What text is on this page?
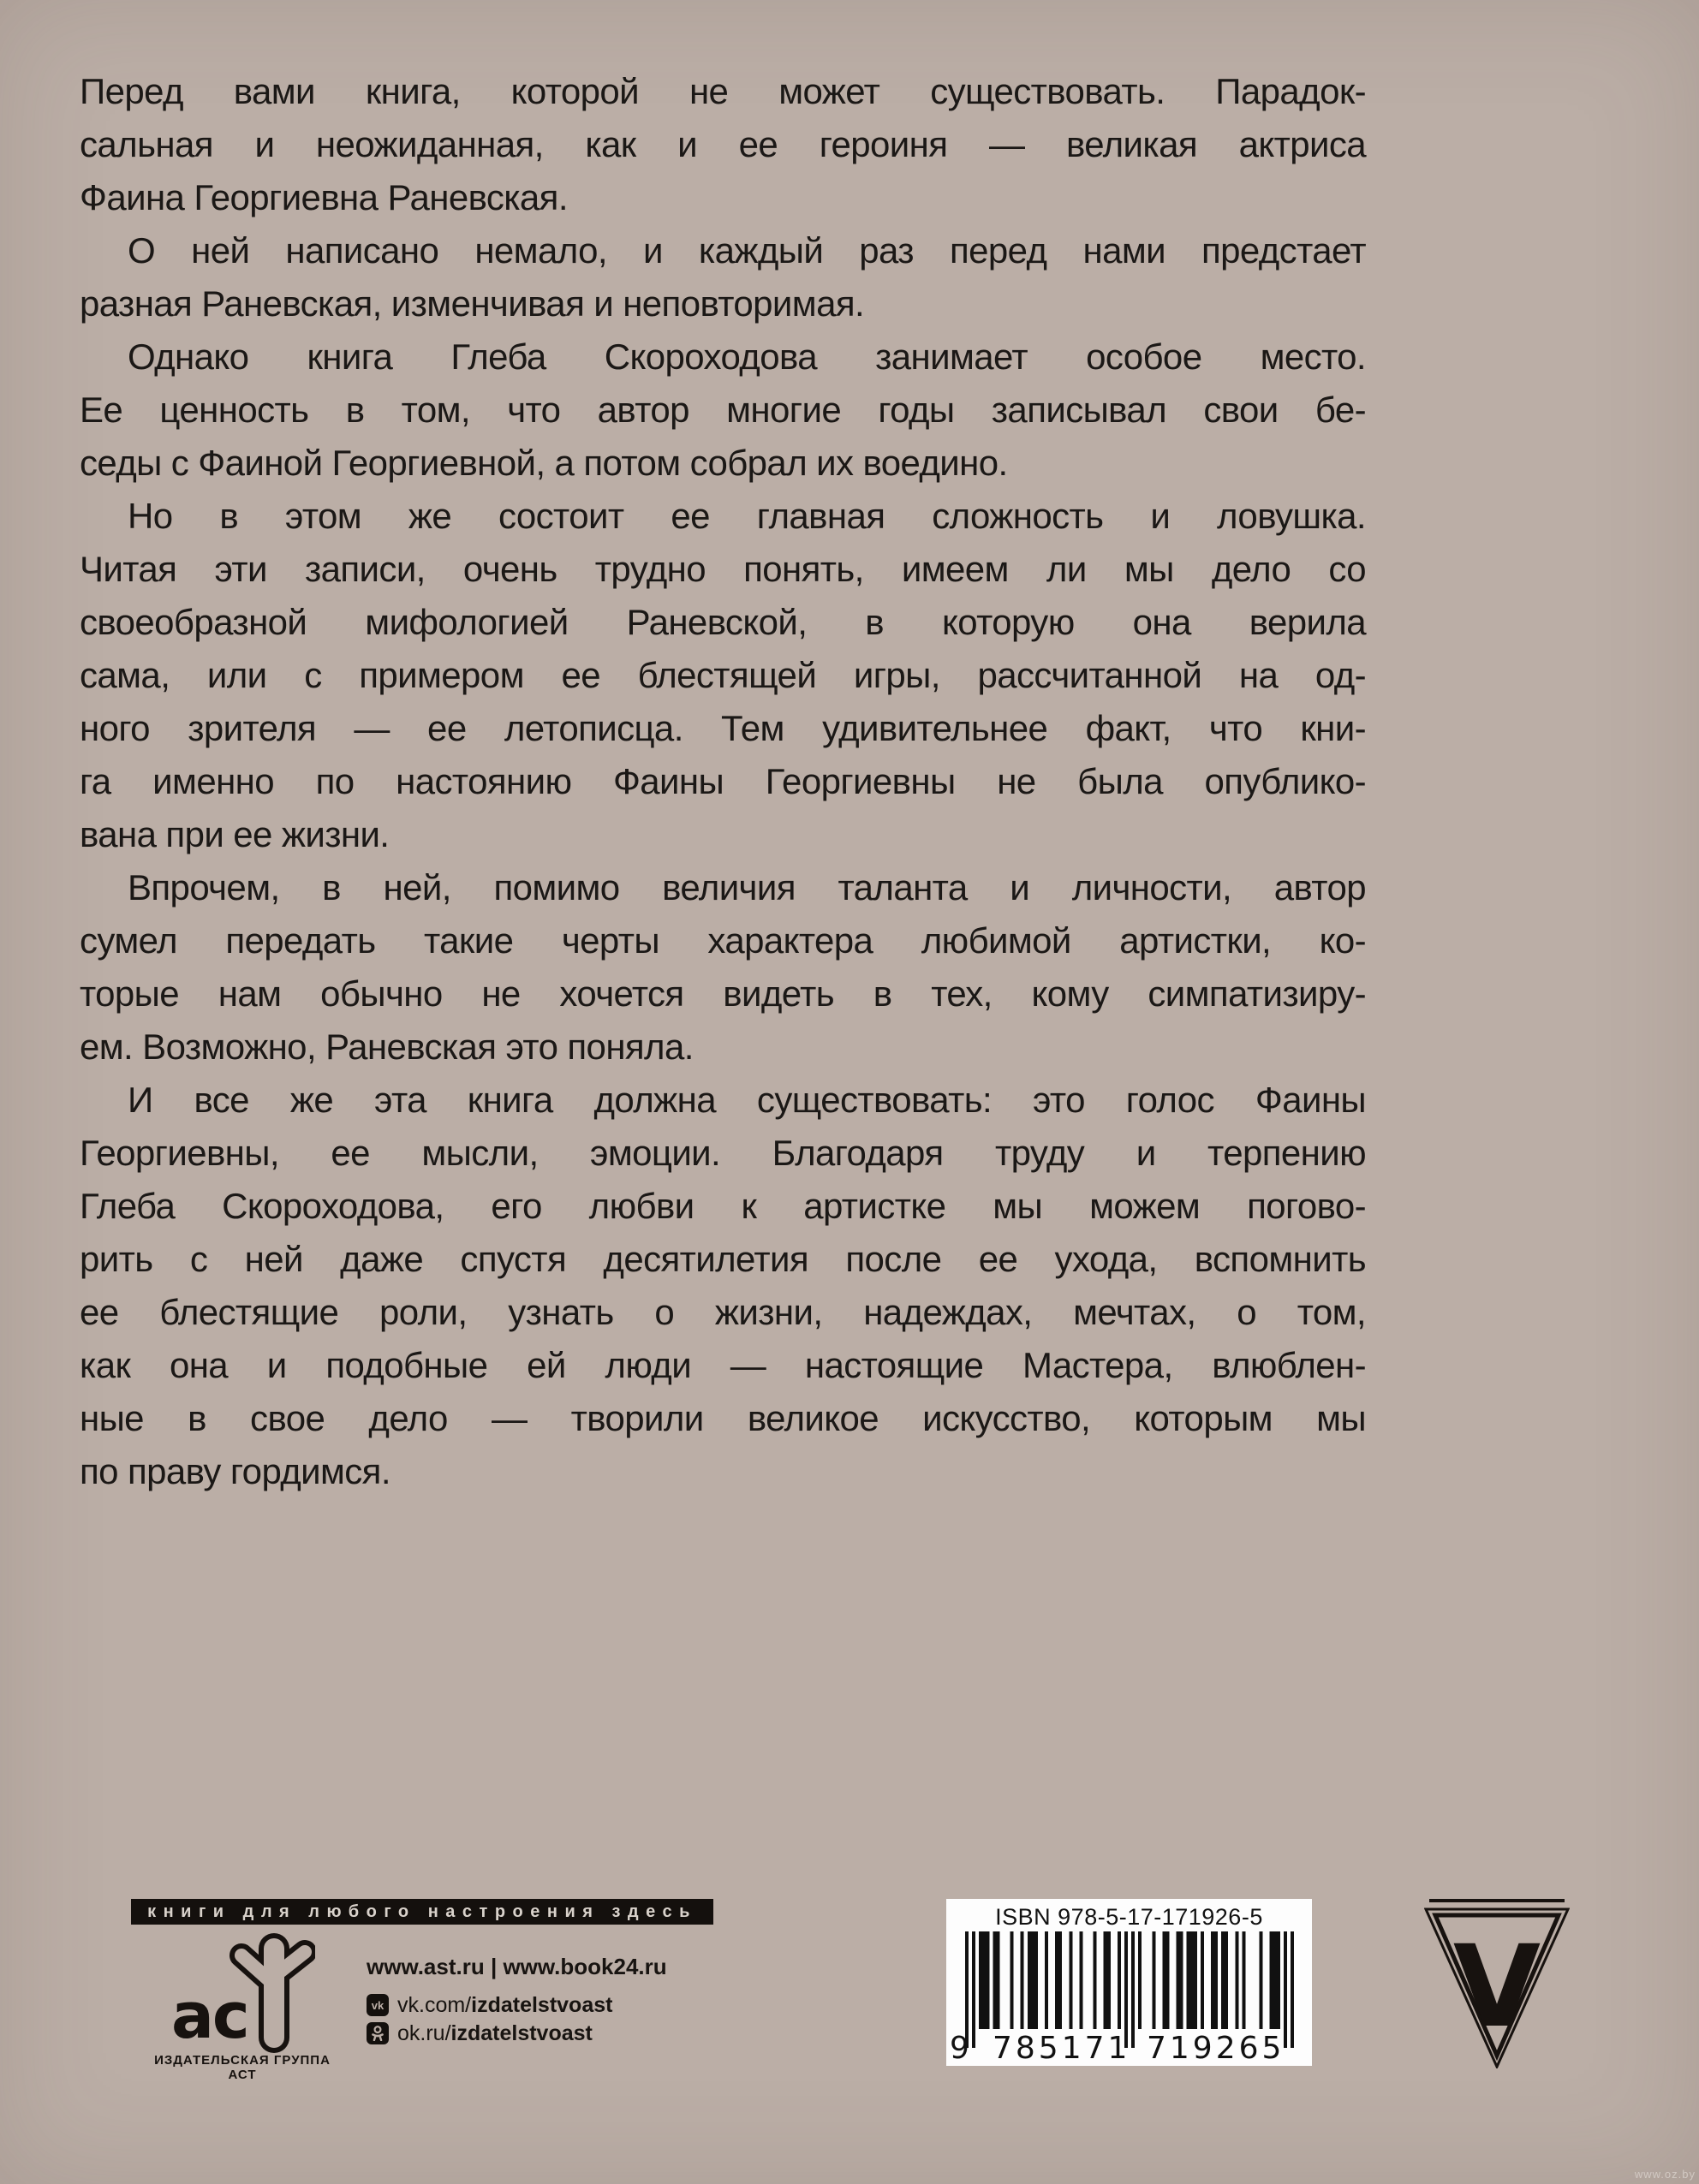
Перед вами книга, которой не может существовать. Парадок-
сальная и неожиданная, как и ее героиня — великая актриса
Фаина Георгиевна Раневская.
О ней написано немало, и каждый раз перед нами предстает
разная Раневская, изменчивая и неповторимая.
Однако книга Глеба Скороходова занимает особое место.
Ее ценность в том, что автор многие годы записывал свои бе-
седы с Фаиной Георгиевной, а потом собрал их воедино.
Но в этом же состоит ее главная сложность и ловушка.
Читая эти записи, очень трудно понять, имеем ли мы дело со
своеобразной мифологией Раневской, в которую она верила
сама, или с примером ее блестящей игры, рассчитанной на од-
ного зрителя — ее летописца. Тем удивительнее факт, что кни-
га именно по настоянию Фаины Георгиевны не была опублико-
вана при ее жизни.
Впрочем, в ней, помимо величия таланта и личности, автор
сумел передать такие черты характера любимой артистки, ко-
торые нам обычно не хочется видеть в тех, кому симпатизиру-
ем. Возможно, Раневская это поняла.
И все же эта книга должна существовать: это голос Фаины
Георгиевны, ее мысли, эмоции. Благодаря труду и терпению
Глеба Скороходова, его любви к артистке мы можем погово-
рить с ней даже спустя десятилетия после ее ухода, вспомнить
ее блестящие роли, узнать о жизни, надеждах, мечтах, о том,
как она и подобные ей люди — настоящие Мастера, влюблен-
ные в свое дело — творили великое искусство, которым мы
по праву гордимся.
книги для любого настроения здесь
ас
ИЗДАТЕЛЬСКАЯ ГРУППА АСТ
www.ast.ru | www.book24.ru
vk vk.com/izdatelstvoast
ok.ru/izdatelstvoast
ISBN 978-5-17-171926-5
9 785171 719265 V
www.oz.by
